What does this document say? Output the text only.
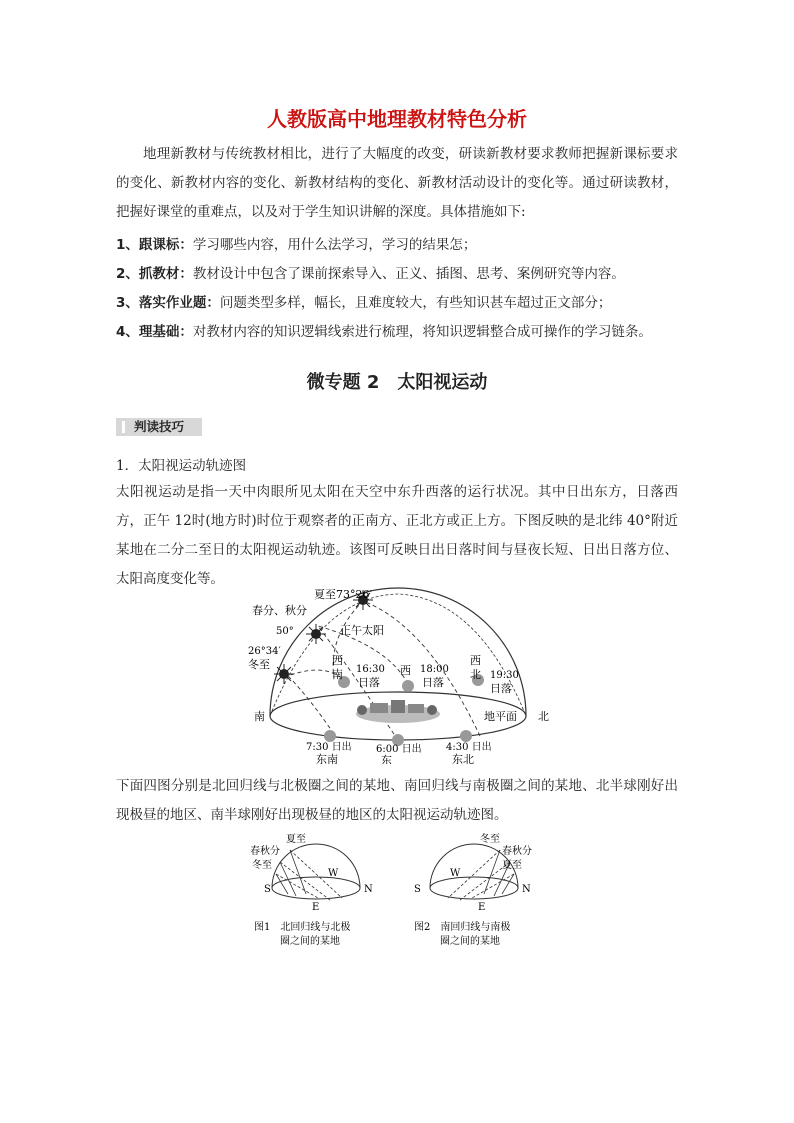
人教版高中地理教材特色分析
地理新教材与传统教材相比，进行了大幅度的改变，研读新教材要求教师把握新课标要求的变化、新教材内容的变化、新教材结构的变化、新教材活动设计的变化等。通过研读教材，把握好课堂的重难点，以及对于学生知识讲解的深度。具体措施如下:
1、跟课标：学习哪些内容，用什么法学习，学习的结果怎；
2、抓教材：教材设计中包含了课前探索导入、正义、插图、思考、案例研究等内容。
3、落实作业题：问题类型多样，幅长，且难度较大，有些知识甚车超过正文部分；
4、理基础：对教材内容的知识逻辑线索进行梳理，将知识逻辑整合成可操作的学习链条。
微专题 2　太阳视运动
判读技巧
1．太阳视运动轨迹图
太阳视运动是指一天中肉眼所见太阳在天空中东升西落的运行状况。其中日出东方，日落西方，正午 12时(地方时)时位于观察者的正南方、正北方或正上方。下图反映的是北纬 40°附近某地在二分二至日的太阳视运动轨迹。该图可反映日出日落时间与昼夜长短、日出日落方位、太阳高度变化等。
夏至73°26′
春分、秋分
50°	正午太阳
26°34′
冬至	西
南	西
西
北
16:30
日落
18:00
日落
19:30
日落
南	北
地平面
7:30 日出
东南
6:00 日出
东
4:30 日出
东北
下面四图分别是北回归线与北极圈之间的某地、南回归线与南极圈之间的某地、北半球刚好出现极昼的地区、南半球刚好出现极昼的地区的太阳视运动轨迹图。
夏至
春秋分
冬至
S	N
W
E
图1　北回归线与北极
圈之间的某地
冬至
春秋分
夏至
S	N
W
E
图2　南回归线与南极
圈之间的某地
